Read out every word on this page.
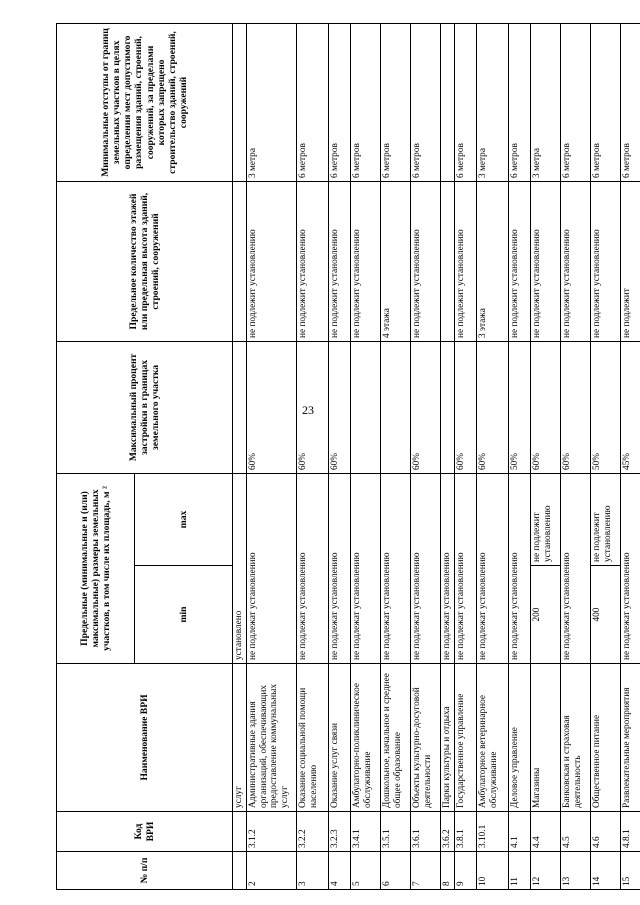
23
№ п/п	Код ВРИ	Наименование ВРИ	Предельные (минимальные и (или) максимальные) размеры земельных участков, в том числе их площадь, м ²		Максимальный процент застройки в границах земельного участка	Предельное количество этажей или предельная высота зданий, строений, сооружений	Минимальные отступы от границ земельных участков в целях определения мест допустимого размещения зданий, строений, сооружений, за пределами которых запрещено строительство зданий, строений, сооружений
			min	max			
		услуг	установлено				
2	3.1.2	Административные здания организаций, обеспечивающих предоставление коммунальных услуг	не подлежат установлению		60%	не подлежит установлению	3 метра
3	3.2.2	Оказание социальной помощи населению	не подлежат установлению		60%	не подлежит установлению	6 метров
4	3.2.3	Оказание услуг связи	не подлежат установлению		60%	не подлежит установлению	6 метров
5	3.4.1	Амбулаторно-поликлиническое обслуживание	не подлежат установлению			не подлежит установлению	6 метров
6	3.5.1	Дошкольное, начальное и среднее общее образование	не подлежат установлению			4 этажа	6 метров
7	3.6.1	Объекты культурно-досуговой деятельности	не подлежат установлению		60%	не подлежит установлению	6 метров
8	3.6.2	Парки культуры и отдыха	не подлежат установлению				
9	3.8.1	Государственное управление	не подлежат установлению		60%	не подлежит установлению	6 метров
10	3.10.1	Амбулаторное ветеринарное обслуживание	не подлежат установлению		60%	3 этажа	3 метра
11	4.1	Деловое управление	не подлежат установлению		50%	не подлежит установлению	6 метров
12	4.4	Магазины	200	не подлежит установлению	60%	не подлежит установлению	3 метра
13	4.5	Банковская и страховая деятельность	не подлежат установлению		60%	не подлежит установлению	6 метров
14	4.6	Общественное питание	400	не подлежит установлению	50%	не подлежит установлению	6 метров
15	4.8.1	Развлекательные мероприятия	не подлежат установлению		45%	не подлежит	6 метров
